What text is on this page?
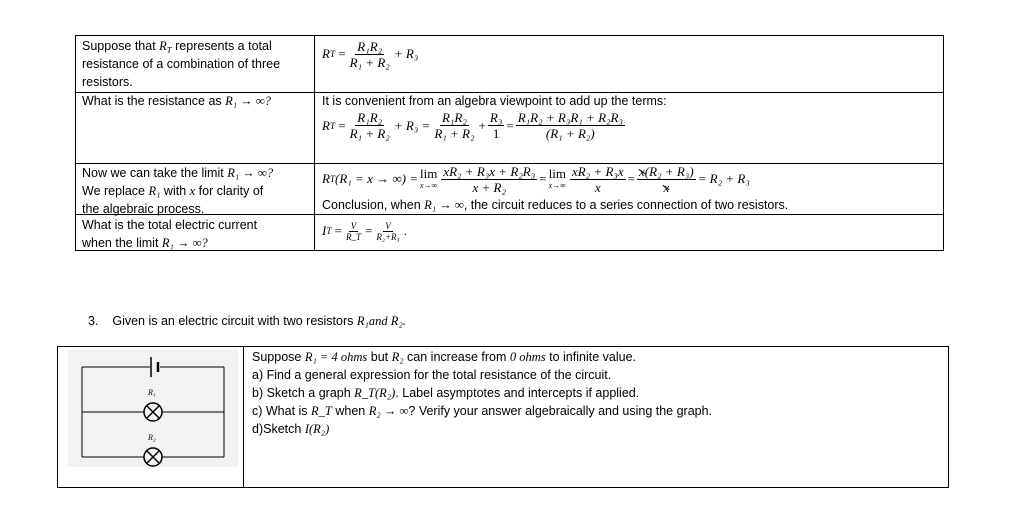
Suppose that $R_T$ represents a total
resistance of a combination of three
resistors.
R $T = \frac{\text{R₁R₂}}{\text{R₁ + R₂}} + R_3$
What is the resistance as R₁ → ∞?	It is convenient from an algebra viewpoint to add up the terms:
R $T = \frac{\text{R₁R₂}}{\text{R₁ + R₂}} + R_3 = \frac{\text{R₁R₂}}{\text{R₁ + R₂}} + \frac{\text{R₃}}{1} = \frac{\text{R₁R₂ + R₃R₁ + R₂R₃}}{\text{(R₁ + R₂)}}$
Now we can take the limit R₁ → ∞?
We replace R₁ with x for clarity of
the algebraic process.
R T (R₁ = x → ∞) = lim
$x\to\infty \frac{\text{xR₂ + R₃x + R₂R₃}}{\text{x + R₂}} = \lim$
$x\to\infty \frac{\text{xR₂ + R₃x}}{x} = \frac{\text{x(R₂ + R₃)}}{x} = R_2 + R_3$
Conclusion, when R₁ → ∞, the circuit reduces to a series connection of two resistors.
What is the total electric current
when the limit R₁ → ∞?
I $T = \frac{V}{R\_T} = \frac{V}{\text{R₂+R₃}}$ .
3. Given is an electric circuit with two resistors R₁and R₂.
R₁
R₂
Suppose R₁ = 4 ohms but R₂ can increase from 0 ohms to infinite value.
a) Find a general expression for the total resistance of the circuit.
b) Sketch a graph R_T(R₂). Label asymptotes and intercepts if applied.
c) What is R_T when R₂ → ∞? Verify your answer algebraically and using the graph.
d)Sketch I(R₂)
